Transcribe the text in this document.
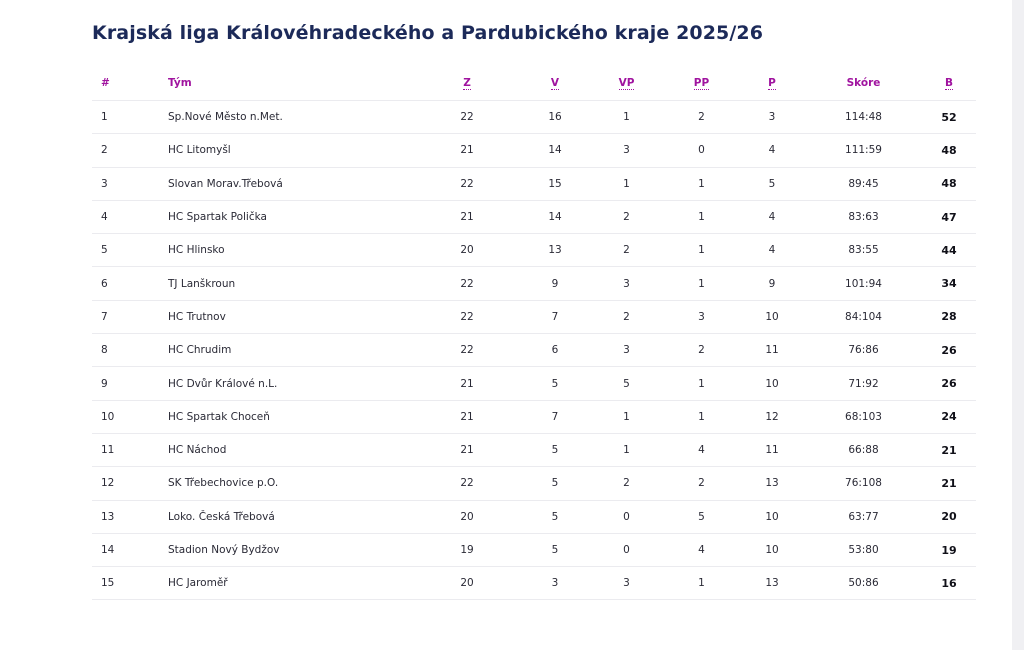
Krajská liga Královéhradeckého a Pardubického kraje 2025/26
#	Tým	Z	V	VP	PP	P	Skóre	B
1	Sp.Nové Město n.Met.	22	16	1	2	3	114:48	52
2	HC Litomyšl	21	14	3	0	4	111:59	48
3	Slovan Morav.Třebová	22	15	1	1	5	89:45	48
4	HC Spartak Polička	21	14	2	1	4	83:63	47
5	HC Hlinsko	20	13	2	1	4	83:55	44
6	TJ Lanškroun	22	9	3	1	9	101:94	34
7	HC Trutnov	22	7	2	3	10	84:104	28
8	HC Chrudim	22	6	3	2	11	76:86	26
9	HC Dvůr Králové n.L.	21	5	5	1	10	71:92	26
10	HC Spartak Choceň	21	7	1	1	12	68:103	24
11	HC Náchod	21	5	1	4	11	66:88	21
12	SK Třebechovice p.O.	22	5	2	2	13	76:108	21
13	Loko. Česká Třebová	20	5	0	5	10	63:77	20
14	Stadion Nový Bydžov	19	5	0	4	10	53:80	19
15	HC Jaroměř	20	3	3	1	13	50:86	16
